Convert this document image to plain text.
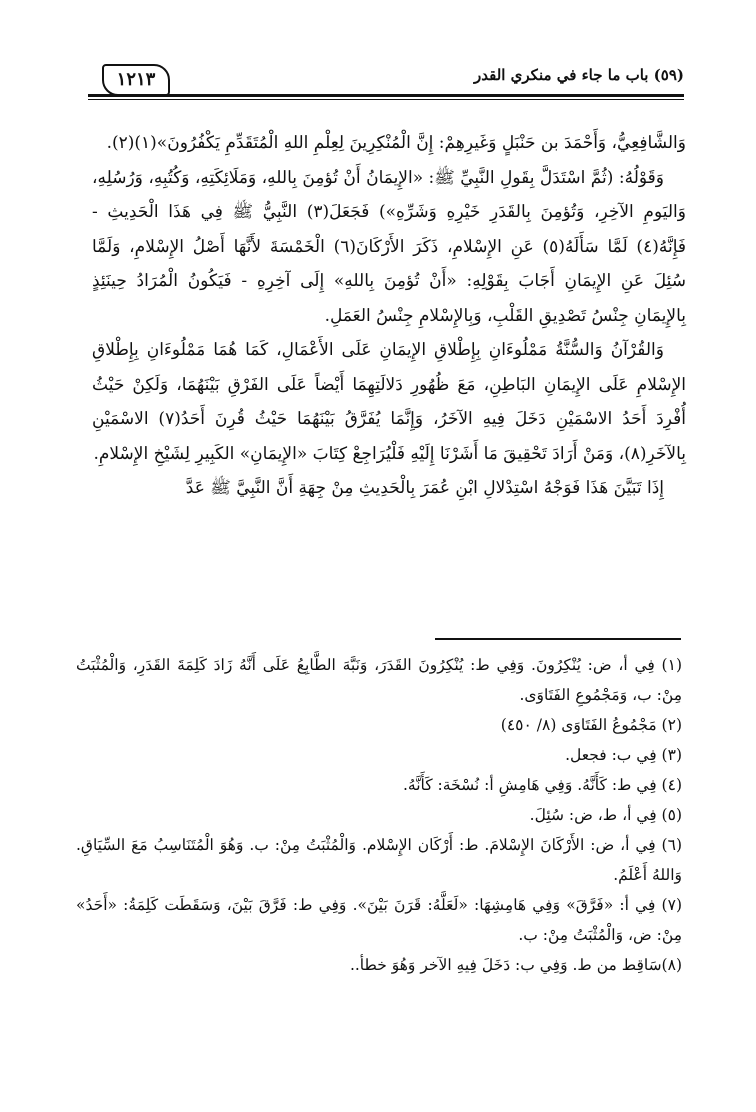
١٢١٣	(٥٩) باب ما جاء في منكري القدر

وَالشَّافِعِيُّ، وَأَحْمَدَ بن حَنْبَلٍ وَغَيرِهِمْ: إِنَّ الْمُنْكِرِينَ لِعِلْمِ اللهِ الْمُتَقَدِّمِ يَكْفُرُونَ»(١)(٢).

وَقَوْلُهُ: (ثُمَّ اسْتَدَلَّ بِقَولِ النَّبِيِّ ﷺ: «الإِيمَانُ أَنْ تُؤمِنَ بِاللهِ، وَمَلَائِكَتِهِ، وَكُتُبِهِ، وَرُسُلِهِ، وَاليَومِ الآخِرِ، وَتُؤمِنَ بِالقَدَرِ خَيْرِهِ وَشَرِّهِ») فَجَعَلَ(٣) النَّبِيُّ ﷺ فِي هَذَا الْحَدِيثِ - فَإِنَّهُ(٤) لَمَّا سَأَلَهُ(٥) عَنِ الإِسْلامِ، ذَكَرَ الأَرْكَانَ(٦) الْخَمْسَةَ لأَنَّهَا أَصْلُ الإِسْلامِ، وَلَمَّا سُئِلَ عَنِ الإِيمَانِ أَجَابَ بِقَوْلِهِ: «أَنْ تُؤمِنَ بِاللهِ» إِلَى آخِرِهِ - فَيَكُونُ الْمُرَادُ حِينَئِذٍ بِالإِيمَانِ جِنْسُ تَصْدِيقِ القَلْبِ، وَبِالإِسْلامِ جِنْسُ العَمَلِ.

وَالقُرْآنُ وَالسُّنَّةُ مَمْلُوءَانِ بِإِطْلاقِ الإِيمَانِ عَلَى الأَعْمَالِ، كَمَا هُمَا مَمْلُوءَانِ بِإِطْلاقِ الإِسْلامِ عَلَى الإِيمَانِ البَاطِنِ، مَعَ ظُهُورِ دَلالَتِهِمَا أَيْضاً عَلَى الفَرْقِ بَيْنَهُمَا، وَلَكِنْ حَيْثُ أُفْرِدَ أَحَدُ الاسْمَيْنِ دَخَلَ فِيهِ الآخَرُ، وَإِنَّمَا يُفَرَّقُ بَيْنَهُمَا حَيْثُ قُرِنَ أَحَدُ(٧) الاسْمَيْنِ بِالآخَرِ(٨)، وَمَنْ أَرَادَ تَحْقِيقَ مَا أَشَرْنَا إِلَيْهِ فَلْيُرَاجِعْ كِتَابَ «الإِيمَانِ» الكَبِيرِ لِشَيْخِ الإِسْلامِ.

إِذَا تَبَيَّنَ هَذَا فَوَجْهُ اسْتِدْلالِ ابْنِ عُمَرَ بِالْحَدِيثِ مِنْ جِهَةِ أَنَّ النَّبِيَّ ﷺ عَدَّ

(١) فِي أ، ض: يُنْكِرُونَ. وَفِي ط: يُنْكِرُونَ القَدَرَ، وَنَبَّهَ الطَّابِعُ عَلَى أَنَّهُ زَادَ كَلِمَةَ القَدَرِ، وَالْمُثْبَتُ مِنْ: ب، وَمَجْمُوعِ الفَتَاوَى.

(٢) مَجْمُوعُ الفَتَاوَى (٨/ ٤٥٠)

(٣) فِي ب: فجعل.

(٤) فِي ط: كَأَنَّهُ. وَفِي هَامِشِ أ: نُسْخَة: كَأَنَّهُ.

(٥) فِي أ، ط، ض: سُئِلَ.

(٦) فِي أ، ض: الأَرْكَانَ الإِسْلامَ. ط: أَرْكَان الإِسْلام. وَالْمُثْبَتُ مِنْ: ب. وَهُوَ الْمُتَنَاسِبُ مَعَ السِّيَاقِ. وَاللهُ أَعْلَمُ.

(٧) فِي أ: «فَرَّقَ» وَفِي هَامِشِهَا: «لَعَلَّهُ: قَرَنَ بَيْنَ». وَفِي ط: فَرَّقَ بَيْنَ، وَسَقَطَت كَلِمَةُ: «أَحَدُ» مِنْ: ض، وَالْمُثْبَتُ مِنْ: ب.

(٨)سَاقِط من ط. وَفِي ب: دَخَلَ فِيهِ الآخر وَهُوَ خطأ..
